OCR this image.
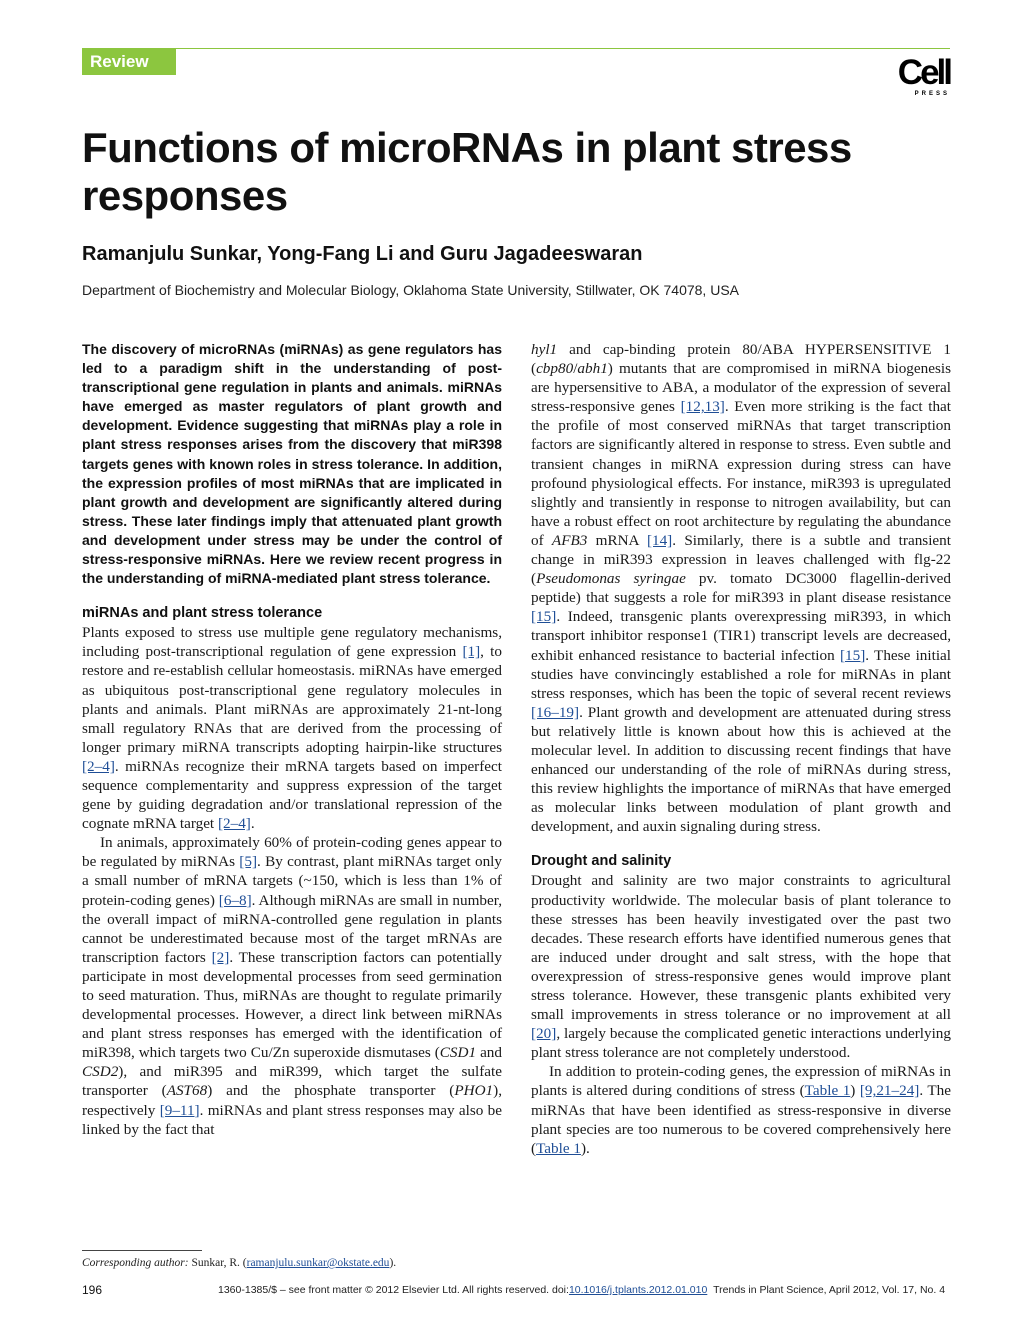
Review	Cell
PRESS
Functions of microRNAs in plant stress responses
Ramanjulu Sunkar, Yong-Fang Li and Guru Jagadeeswaran
Department of Biochemistry and Molecular Biology, Oklahoma State University, Stillwater, OK 74078, USA

The discovery of microRNAs (miRNAs) as gene regulators has led to a paradigm shift in the understanding of post-transcriptional gene regulation in plants and animals. miRNAs have emerged as master regulators of plant growth and development. Evidence suggesting that miRNAs play a role in plant stress responses arises from the discovery that miR398 targets genes with known roles in stress tolerance. In addition, the expression profiles of most miRNAs that are implicated in plant growth and development are significantly altered during stress. These later findings imply that attenuated plant growth and development under stress may be under the control of stress-responsive miRNAs. Here we review recent progress in the understanding of miRNA-mediated plant stress tolerance.

miRNAs and plant stress tolerance

Plants exposed to stress use multiple gene regulatory mechanisms, including post-transcriptional regulation of gene expression [1], to restore and re-establish cellular homeostasis. miRNAs have emerged as ubiquitous post-transcriptional gene regulatory molecules in plants and animals. Plant miRNAs are approximately 21-nt-long small regulatory RNAs that are derived from the processing of longer primary miRNA transcripts adopting hairpin-like structures [2–4]. miRNAs recognize their mRNA targets based on imperfect sequence complementarity and suppress expression of the target gene by guiding degradation and/or translational repression of the cognate mRNA target [2–4].

In animals, approximately 60% of protein-coding genes appear to be regulated by miRNAs [5]. By contrast, plant miRNAs target only a small number of mRNA targets (~150, which is less than 1% of protein-coding genes) [6–8]. Although miRNAs are small in number, the overall impact of miRNA-controlled gene regulation in plants cannot be underestimated because most of the target mRNAs are transcription factors [2]. These transcription factors can potentially participate in most developmental processes from seed germination to seed maturation. Thus, miRNAs are thought to regulate primarily developmental processes. However, a direct link between miRNAs and plant stress responses has emerged with the identification of miR398, which targets two Cu/Zn superoxide dismutases (CSD1 and CSD2), and miR395 and miR399, which target the sulfate transporter (AST68) and the phosphate transporter (PHO1), respectively [9–11]. miRNAs and plant stress responses may also be linked by the fact that

hyl1 and cap-binding protein 80/ABA HYPERSENSITIVE 1 (cbp80/abh1) mutants that are compromised in miRNA biogenesis are hypersensitive to ABA, a modulator of the expression of several stress-responsive genes [12,13]. Even more striking is the fact that the profile of most conserved miRNAs that target transcription factors are significantly altered in response to stress. Even subtle and transient changes in miRNA expression during stress can have profound physiological effects. For instance, miR393 is upregulated slightly and transiently in response to nitrogen availability, but can have a robust effect on root architecture by regulating the abundance of AFB3 mRNA [14]. Similarly, there is a subtle and transient change in miR393 expression in leaves challenged with flg-22 (Pseudomonas syringae pv. tomato DC3000 flagellin-derived peptide) that suggests a role for miR393 in plant disease resistance [15]. Indeed, transgenic plants overexpressing miR393, in which transport inhibitor response1 (TIR1) transcript levels are decreased, exhibit enhanced resistance to bacterial infection [15]. These initial studies have convincingly established a role for miRNAs in plant stress responses, which has been the topic of several recent reviews [16–19]. Plant growth and development are attenuated during stress but relatively little is known about how this is achieved at the molecular level. In addition to discussing recent findings that have enhanced our understanding of the role of miRNAs during stress, this review highlights the importance of miRNAs that have emerged as molecular links between modulation of plant growth and development, and auxin signaling during stress.

Drought and salinity

Drought and salinity are two major constraints to agricultural productivity worldwide. The molecular basis of plant tolerance to these stresses has been heavily investigated over the past two decades. These research efforts have identified numerous genes that are induced under drought and salt stress, with the hope that overexpression of stress-responsive genes would improve plant stress tolerance. However, these transgenic plants exhibited very small improvements in stress tolerance or no improvement at all [20], largely because the complicated genetic interactions underlying plant stress tolerance are not completely understood.

In addition to protein-coding genes, the expression of miRNAs in plants is altered during conditions of stress (Table 1) [9,21–24]. The miRNAs that have been identified as stress-responsive in diverse plant species are too numerous to be covered comprehensively here (Table 1).

Corresponding author: Sunkar, R. (ramanjulu.sunkar@okstate.edu).
196	1360-1385/$ – see front matter © 2012 Elsevier Ltd. All rights reserved. doi:10.1016/j.tplants.2012.01.010 Trends in Plant Science, April 2012, Vol. 17, No. 4
